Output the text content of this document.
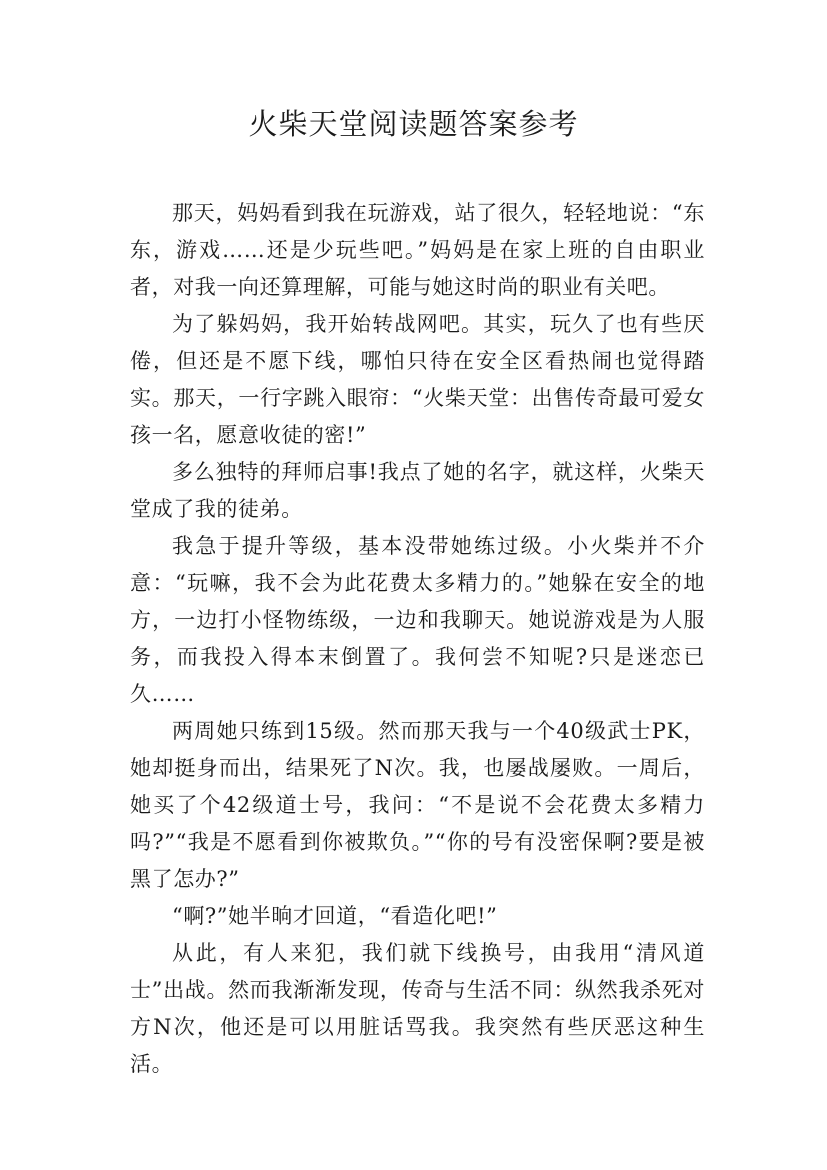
火柴天堂阅读题答案参考

那天，妈妈看到我在玩游戏，站了很久，轻轻地说：“东东，游戏……还是少玩些吧。”妈妈是在家上班的自由职业者，对我一向还算理解，可能与她这时尚的职业有关吧。

为了躲妈妈，我开始转战网吧。其实，玩久了也有些厌倦，但还是不愿下线，哪怕只待在安全区看热闹也觉得踏实。那天，一行字跳入眼帘：“火柴天堂：出售传奇最可爱女孩一名，愿意收徒的密!”

多么独特的拜师启事!我点了她的名字，就这样，火柴天堂成了我的徒弟。

我急于提升等级，基本没带她练过级。小火柴并不介意：“玩嘛，我不会为此花费太多精力的。”她躲在安全的地方，一边打小怪物练级，一边和我聊天。她说游戏是为人服务，而我投入得本末倒置了。我何尝不知呢?只是迷恋已久……

两周她只练到15级。然而那天我与一个40级武士PK，她却挺身而出，结果死了N次。我，也屡战屡败。一周后，她买了个42级道士号，我问：“不是说不会花费太多精力吗?”“我是不愿看到你被欺负。”“你的号有没密保啊?要是被黑了怎办?”

“啊?”她半晌才回道，“看造化吧!”

从此，有人来犯，我们就下线换号，由我用“清风道士”出战。然而我渐渐发现，传奇与生活不同：纵然我杀死对方N次，他还是可以用脏话骂我。我突然有些厌恶这种生活。
